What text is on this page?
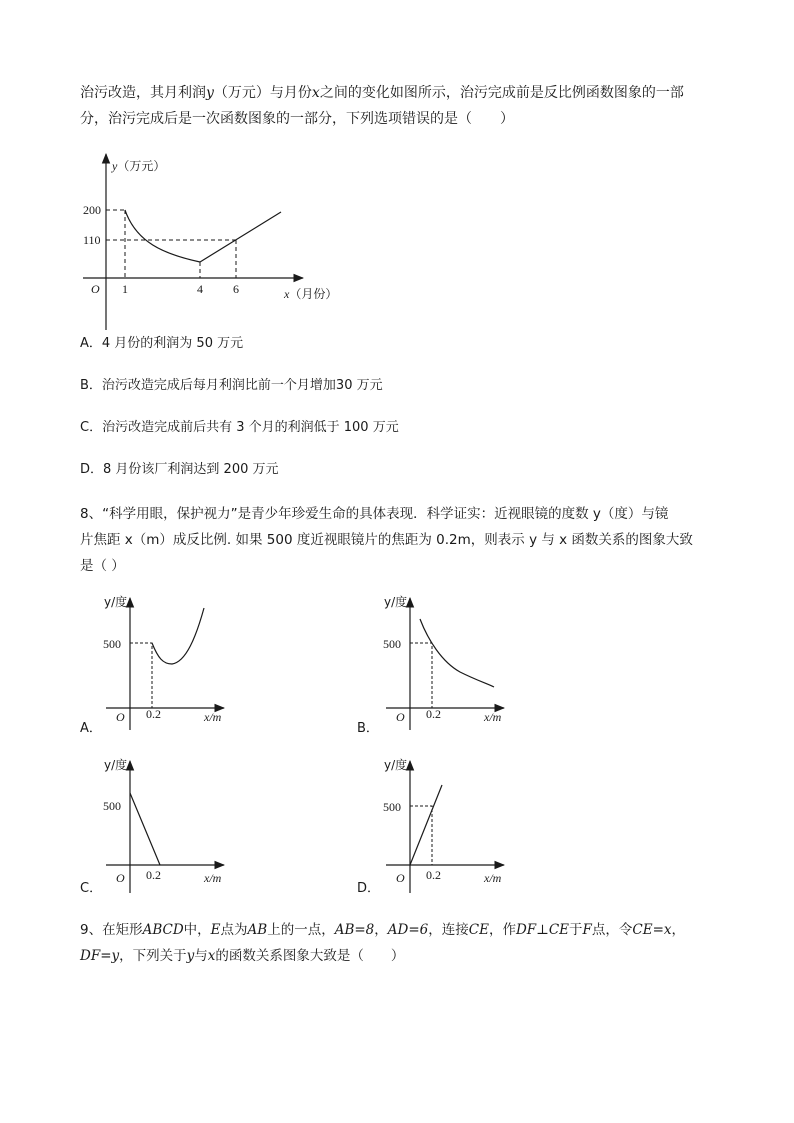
治污改造，其月利润y（万元）与月份x之间的变化如图所示，治污完成前是反比例函数图象的一部
分，治污完成后是一次函数图象的一部分，下列选项错误的是（　　）
y（万元）
200
110
O 1	4	6	x（月份）
A．4 月份的利润为 50 万元
B．治污改造完成后每月利润比前一个月增加30 万元
C．治污改造完成前后共有 3 个月的利润低于 100 万元
D．8 月份该厂利润达到 200 万元
8、“科学用眼，保护视力”是青少年珍爱生命的具体表现．科学证实：近视眼镜的度数 y（度）与镜
片焦距 x（m）成反比例. 如果 500 度近视眼镜片的焦距为 0.2m，则表示 y 与 x 函数关系的图象大致
是（ ）
y/度
500
O 0.2	x/m
A．
y/度
500
O 0.2	x/m
B．
y/度
500
O 0.2	x/m
C．
y/度
500
O 0.2	x/m
D．
9、在矩形ABCD中，E点为AB上的一点，AB=8，AD=6，连接CE，作DF⊥CE于F点，令CE=x，DF=y，下列关于y与x的函数关系图象大致是（　　）
